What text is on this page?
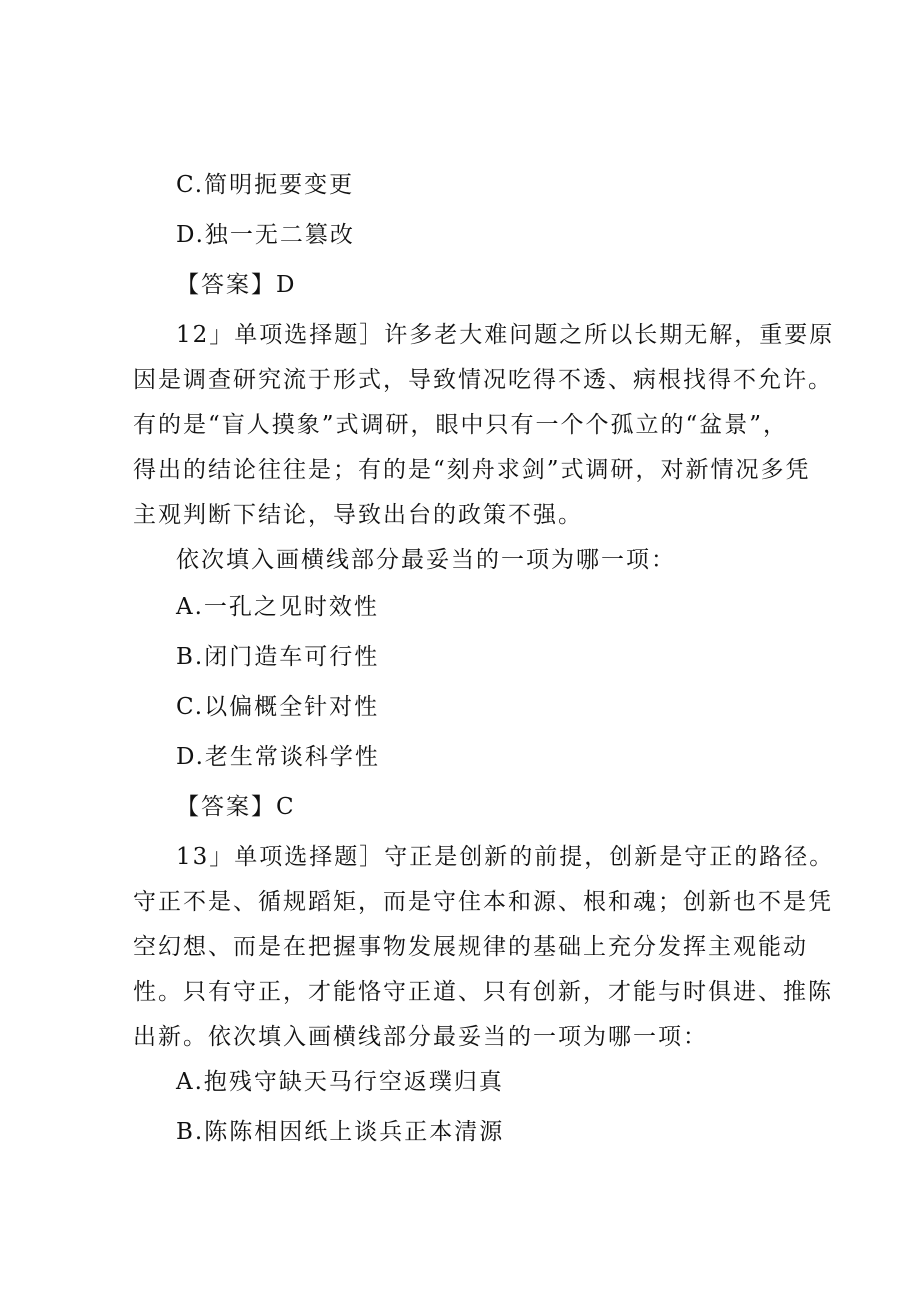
C.简明扼要变更
D.独一无二篡改
【答案】D
12」单项选择题］许多老大难问题之所以长期无解，重要原
因是调查研究流于形式，导致情况吃得不透、病根找得不允许。
有的是“盲人摸象”式调研，眼中只有一个个孤立的“盆景”，
得出的结论往往是；有的是“刻舟求剑”式调研，对新情况多凭
主观判断下结论，导致出台的政策不强。
依次填入画横线部分最妥当的一项为哪一项：
A.一孔之见时效性
B.闭门造车可行性
C.以偏概全针对性
D.老生常谈科学性
【答案】C
13」单项选择题］守正是创新的前提，创新是守正的路径。
守正不是、循规蹈矩，而是守住本和源、根和魂；创新也不是凭
空幻想、而是在把握事物发展规律的基础上充分发挥主观能动
性。只有守正，才能恪守正道、只有创新，才能与时俱进、推陈
出新。依次填入画横线部分最妥当的一项为哪一项：
A.抱残守缺天马行空返璞归真
B.陈陈相因纸上谈兵正本清源
